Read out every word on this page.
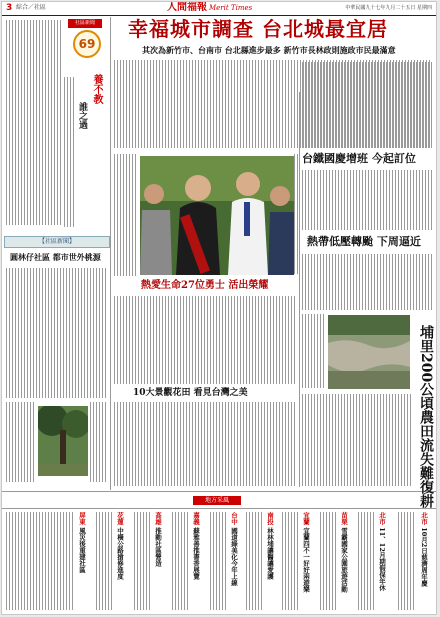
3 綜合／社區	人間福報 Merit Times	中華民國九十七年九月二十五日 星期四
社區新聞
69
養不教
誰之過
【社區新聞】
圓林仔社區 都市世外桃源
幸福城市調查 台北城最宜居
其次為新竹市、台南市 台北縣進步最多 新竹市長林政則施政市民最滿意
熱愛生命27位勇士 活出榮耀
10大景觀花田 看見台灣之美
台鐵國慶增班 今起訂位
熱帶低壓轉颱 下周逼近
埔里200公頃農田流失難復耕
地方采風
北市 10月2日慈濟周年慶
北市 11、12月期假保年休
苗栗 雪霸國家公園旅遊活動
宜蘭 宜蘭四不一好好兩遊樂
南投 林林埔讓醫讓愛護
台中 國道綠美化今年上線
嘉義 蘇雅善推書香展覽
高雄 推動社區營造
花蓮 中橫公路搶修進度
屏東 風災後重建社區
